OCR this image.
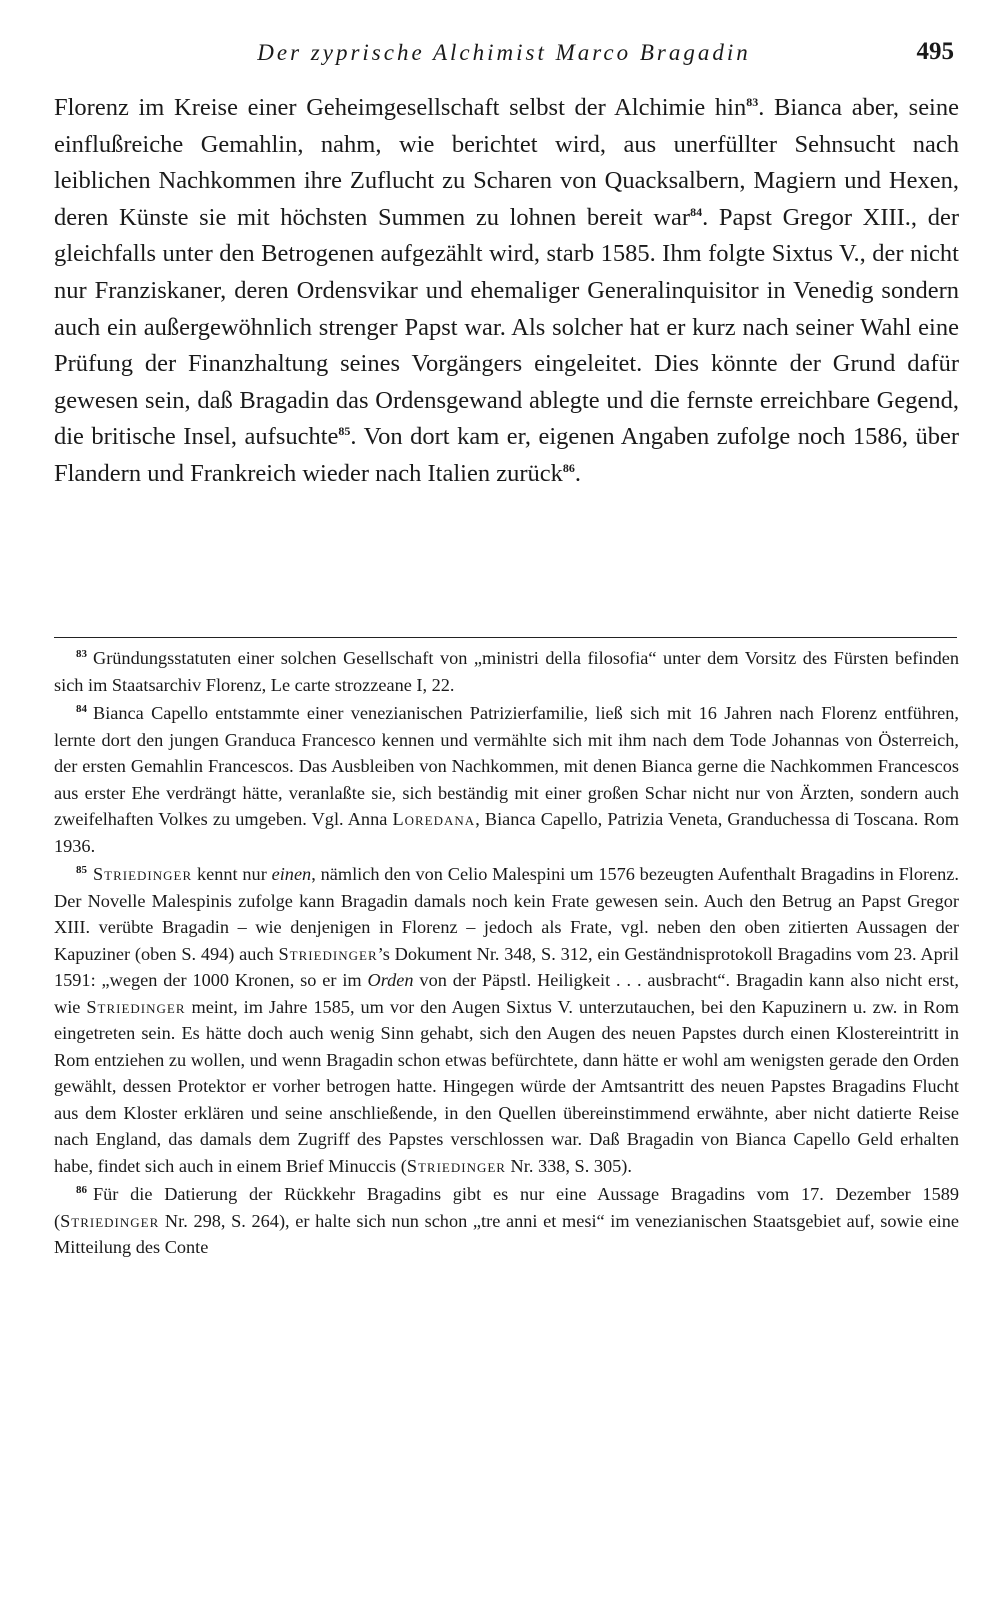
Der zyprische Alchimist Marco Bragadin	495

Florenz im Kreise einer Geheimgesellschaft selbst der Alchimie hin$^{83}$. Bianca aber, seine einflußreiche Gemahlin, nahm, wie berichtet wird, aus unerfüllter Sehnsucht nach leiblichen Nachkommen ihre Zuflucht zu Scharen von Quacksalbern, Magiern und Hexen, deren Künste sie mit höchsten Summen zu lohnen bereit war$^{84}$. Papst Gregor XIII., der gleichfalls unter den Betrogenen aufgezählt wird, starb 1585. Ihm folgte Sixtus V., der nicht nur Franziskaner, deren Ordensvikar und ehemaliger Generalinquisitor in Venedig sondern auch ein außergewöhnlich strenger Papst war. Als solcher hat er kurz nach seiner Wahl eine Prüfung der Finanzhaltung seines Vorgängers eingeleitet. Dies könnte der Grund dafür gewesen sein, daß Bragadin das Ordensgewand ablegte und die fernste erreichbare Gegend, die britische Insel, aufsuchte$^{85}$. Von dort kam er, eigenen Angaben zufolge noch 1586, über Flandern und Frankreich wieder nach Italien zurück$^{86}$.

$^{83}$ Gründungsstatuten einer solchen Gesellschaft von „ministri della filosofia“ unter dem Vorsitz des Fürsten befinden sich im Staatsarchiv Florenz, Le carte strozzeane I, 22.

$^{84}$ Bianca Capello entstammte einer venezianischen Patrizierfamilie, ließ sich mit 16 Jahren nach Florenz entführen, lernte dort den jungen Granduca Francesco kennen und vermählte sich mit ihm nach dem Tode Johannas von Österreich, der ersten Gemahlin Francescos. Das Ausbleiben von Nachkommen, mit denen Bianca gerne die Nachkommen Francescos aus erster Ehe verdrängt hätte, veranlaßte sie, sich beständig mit einer großen Schar nicht nur von Ärzten, sondern auch zweifelhaften Volkes zu umgeben. Vgl. Anna Loredana, Bianca Capello, Patrizia Veneta, Granduchessa di Toscana. Rom 1936.

$^{85}$ Striedinger kennt nur einen, nämlich den von Celio Malespini um 1576 bezeugten Aufenthalt Bragadins in Florenz. Der Novelle Malespinis zufolge kann Bragadin damals noch kein Frate gewesen sein. Auch den Betrug an Papst Gregor XIII. verübte Bragadin – wie denjenigen in Florenz – jedoch als Frate, vgl. neben den oben zitierten Aussagen der Kapuziner (oben S. 494) auch Striedinger’s Dokument Nr. 348, S. 312, ein Geständnisprotokoll Bragadins vom 23. April 1591: „wegen der 1000 Kronen, so er im Orden von der Päpstl. Heiligkeit . . . ausbracht“. Bragadin kann also nicht erst, wie Striedinger meint, im Jahre 1585, um vor den Augen Sixtus V. unterzutauchen, bei den Kapuzinern u. zw. in Rom eingetreten sein. Es hätte doch auch wenig Sinn gehabt, sich den Augen des neuen Papstes durch einen Klostereintritt in Rom entziehen zu wollen, und wenn Bragadin schon etwas befürchtete, dann hätte er wohl am wenigsten gerade den Orden gewählt, dessen Protektor er vorher betrogen hatte. Hingegen würde der Amtsantritt des neuen Papstes Bragadins Flucht aus dem Kloster erklären und seine anschließende, in den Quellen übereinstimmend erwähnte, aber nicht datierte Reise nach England, das damals dem Zugriff des Papstes verschlossen war. Daß Bragadin von Bianca Capello Geld erhalten habe, findet sich auch in einem Brief Minuccis (Striedinger Nr. 338, S. 305).

$^{86}$ Für die Datierung der Rückkehr Bragadins gibt es nur eine Aussage Bragadins vom 17. Dezember 1589 (Striedinger Nr. 298, S. 264), er halte sich nun schon „tre anni et mesi“ im venezianischen Staatsgebiet auf, sowie eine Mitteilung des Conte
